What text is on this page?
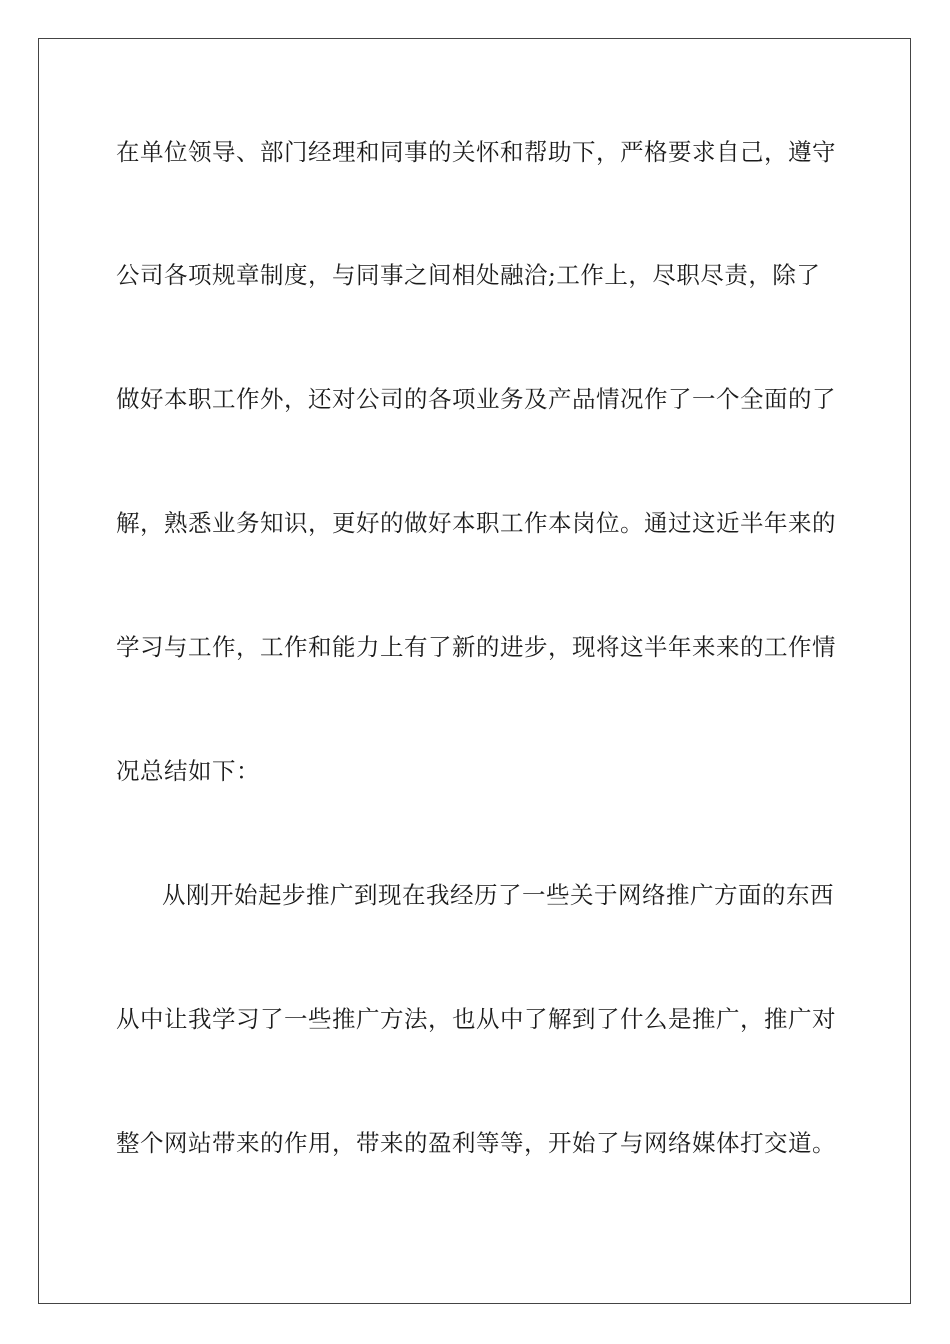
在单位领导、部门经理和同事的关怀和帮助下，严格要求自己，遵守
公司各项规章制度，与同事之间相处融洽;工作上，尽职尽责，除了
做好本职工作外，还对公司的各项业务及产品情况作了一个全面的了
解，熟悉业务知识，更好的做好本职工作本岗位。通过这近半年来的
学习与工作，工作和能力上有了新的进步，现将这半年来来的工作情
况总结如下：
从刚开始起步推广到现在我经历了一些关于网络推广方面的东西
从中让我学习了一些推广方法，也从中了解到了什么是推广，推广对
整个网站带来的作用，带来的盈利等等，开始了与网络媒体打交道。
